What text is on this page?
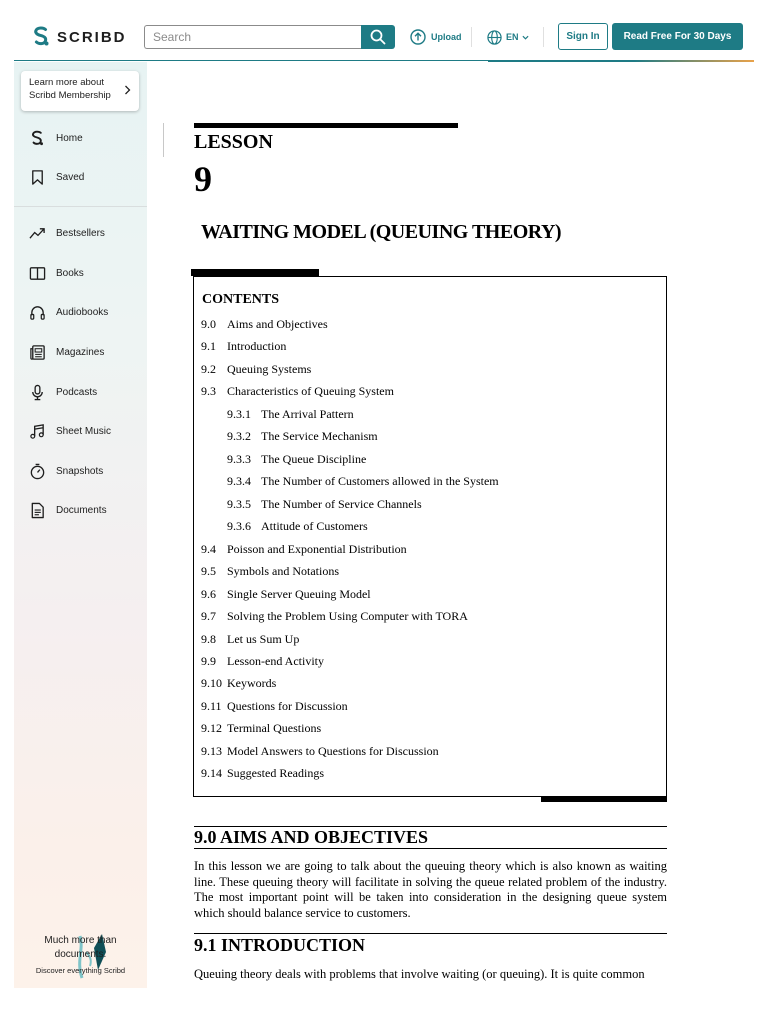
SCRIBD
Search	Upload	EN	Sign In	Read Free For 30 Days
Learn more about
Scribd Membership
Home
Saved
Bestsellers
Books
Audiobooks
Magazines
Podcasts
Sheet Music
Snapshots
Documents
Much more than
documents.
Discover everything Scribd
LESSON
9
WAITING MODEL (QUEUING THEORY)
CONTENTS
9.0 Aims and Objectives
9.1 Introduction
9.2 Queuing Systems
9.3 Characteristics of Queuing System
9.3.1 The Arrival Pattern
9.3.2 The Service Mechanism
9.3.3 The Queue Discipline
9.3.4 The Number of Customers allowed in the System
9.3.5 The Number of Service Channels
9.3.6 Attitude of Customers
9.4 Poisson and Exponential Distribution
9.5 Symbols and Notations
9.6 Single Server Queuing Model
9.7 Solving the Problem Using Computer with TORA
9.8 Let us Sum Up
9.9 Lesson-end Activity
9.10 Keywords
9.11 Questions for Discussion
9.12 Terminal Questions
9.13 Model Answers to Questions for Discussion
9.14 Suggested Readings
9.0 AIMS AND OBJECTIVES
In this lesson we are going to talk about the queuing theory which is also known as waiting line. These queuing theory will facilitate in solving the queue related problem of the industry. The most important point will be taken into consideration in the designing queue system which should balance service to customers.
9.1 INTRODUCTION
Queuing theory deals with problems that involve waiting (or queuing). It is quite common
